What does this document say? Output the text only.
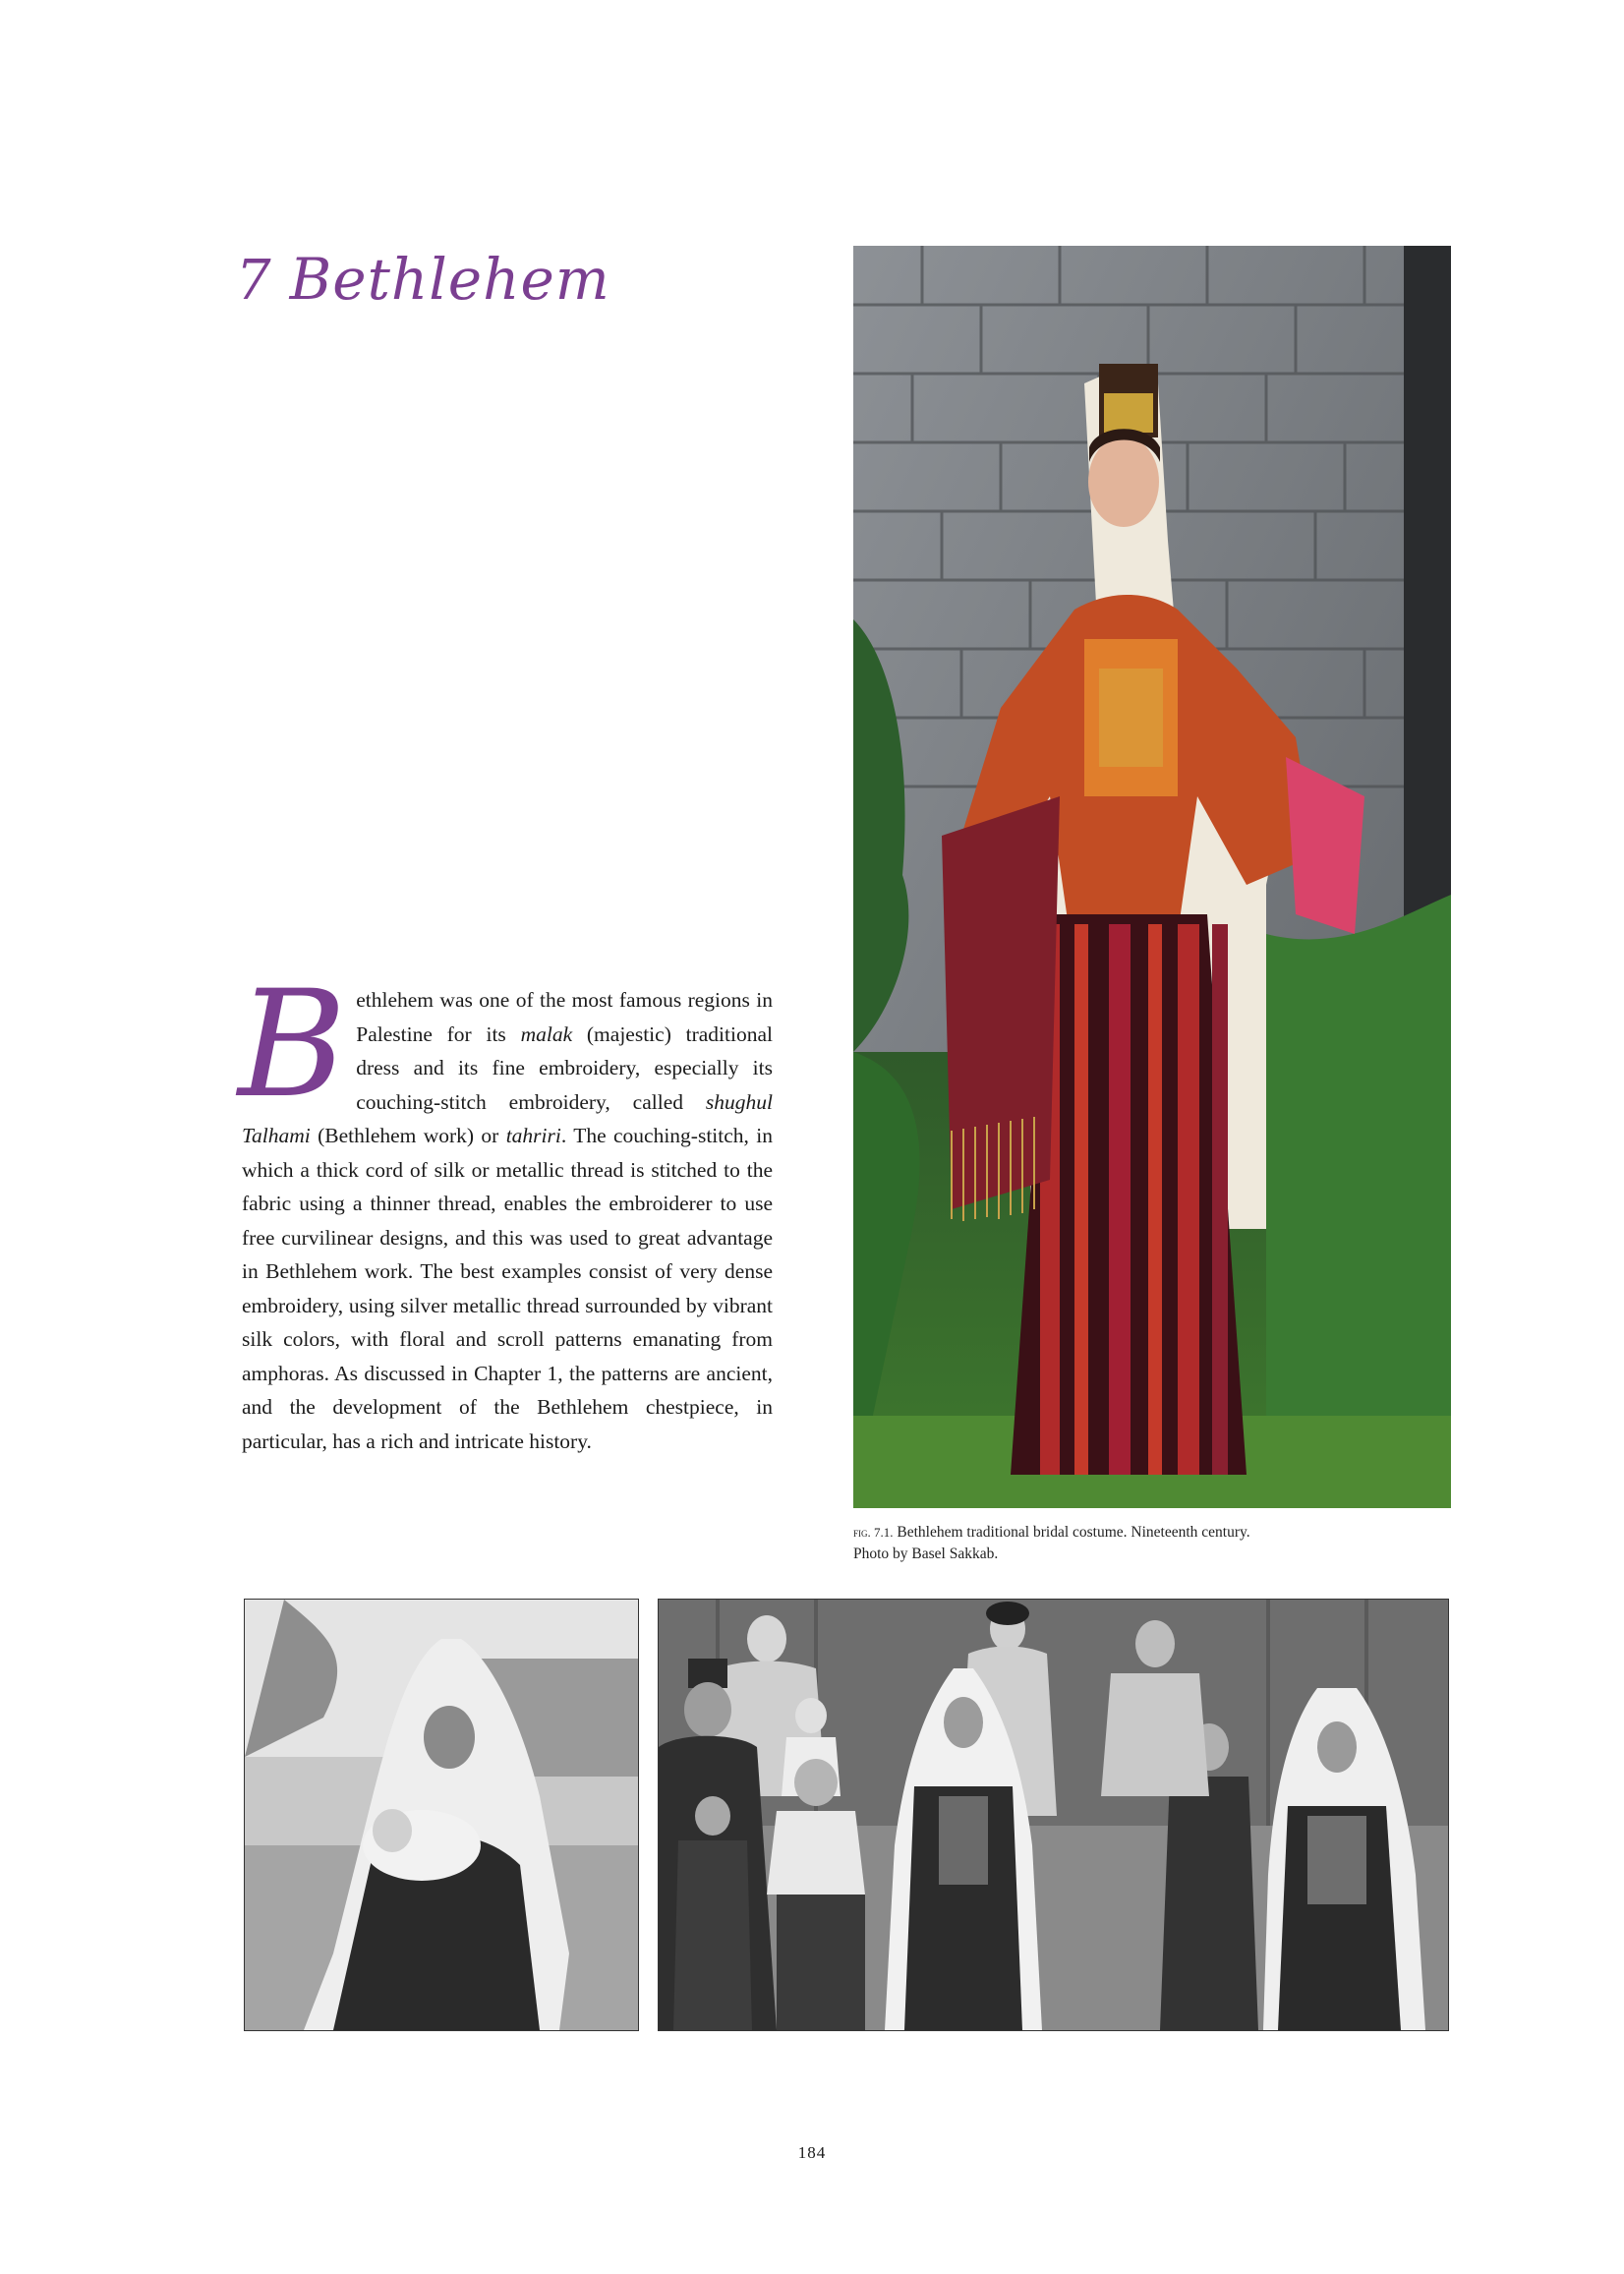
7 Bethlehem
Bethlehem was one of the most famous regions in Palestine for its malak (majestic) traditional dress and its fine embroidery, especially its couching-stitch embroidery, called shughul Talhami (Bethlehem work) or tahriri. The couching-stitch, in which a thick cord of silk or metallic thread is stitched to the fabric using a thinner thread, enables the embroiderer to use free curvilinear designs, and this was used to great advantage in Bethlehem work. The best examples consist of very dense embroidery, using silver metallic thread surrounded by vibrant silk colors, with floral and scroll patterns emanating from amphoras. As discussed in Chapter 1, the patterns are ancient, and the development of the Bethlehem chestpiece, in particular, has a rich and intricate history.
fig. 7.1. Bethlehem traditional bridal costume. Nineteenth century.
Photo by Basel Sakkab.
184
